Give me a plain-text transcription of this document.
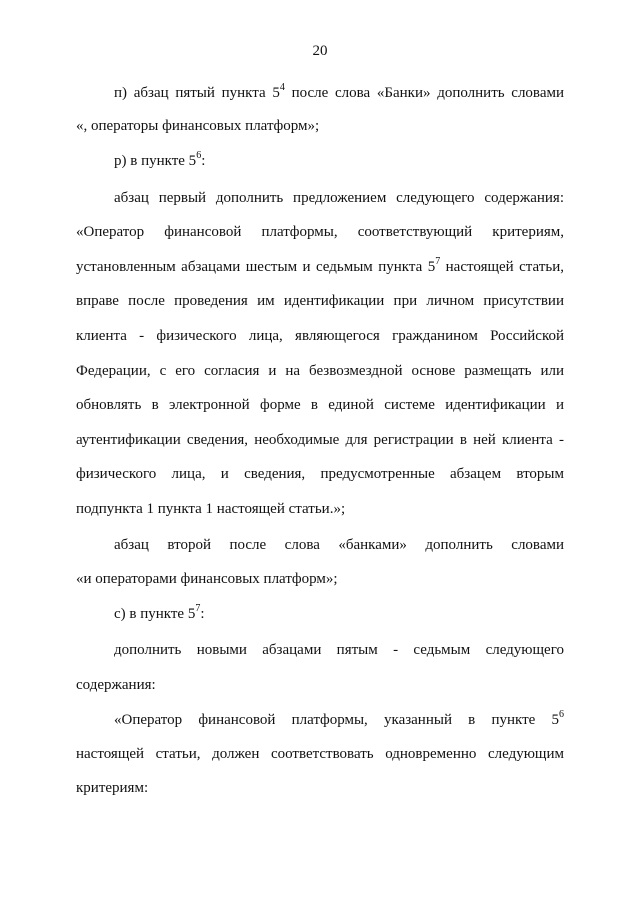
20
п) абзац пятый пункта $5^4$ после слова «Банки» дополнить словами
«, операторы финансовых платформ»;
р) в пункте $5^6$:
абзац первый дополнить предложением следующего содержания:
«Оператор финансовой платформы, соответствующий критериям,
установленным абзацами шестым и седьмым пункта $5^7$ настоящей статьи,
вправе после проведения им идентификации при личном присутствии
клиента - физического лица, являющегося гражданином Российской
Федерации, с его согласия и на безвозмездной основе размещать или
обновлять в электронной форме в единой системе идентификации и
аутентификации сведения, необходимые для регистрации в ней клиента -
физического лица, и сведения, предусмотренные абзацем вторым
подпункта 1 пункта 1 настоящей статьи.»;
абзац второй после слова «банками» дополнить словами
«и операторами финансовых платформ»;
с) в пункте $5^7$:
дополнить новыми абзацами пятым - седьмым следующего
содержания:
«Оператор финансовой платформы, указанный в пункте $5^6$
настоящей статьи, должен соответствовать одновременно следующим
критериям:
